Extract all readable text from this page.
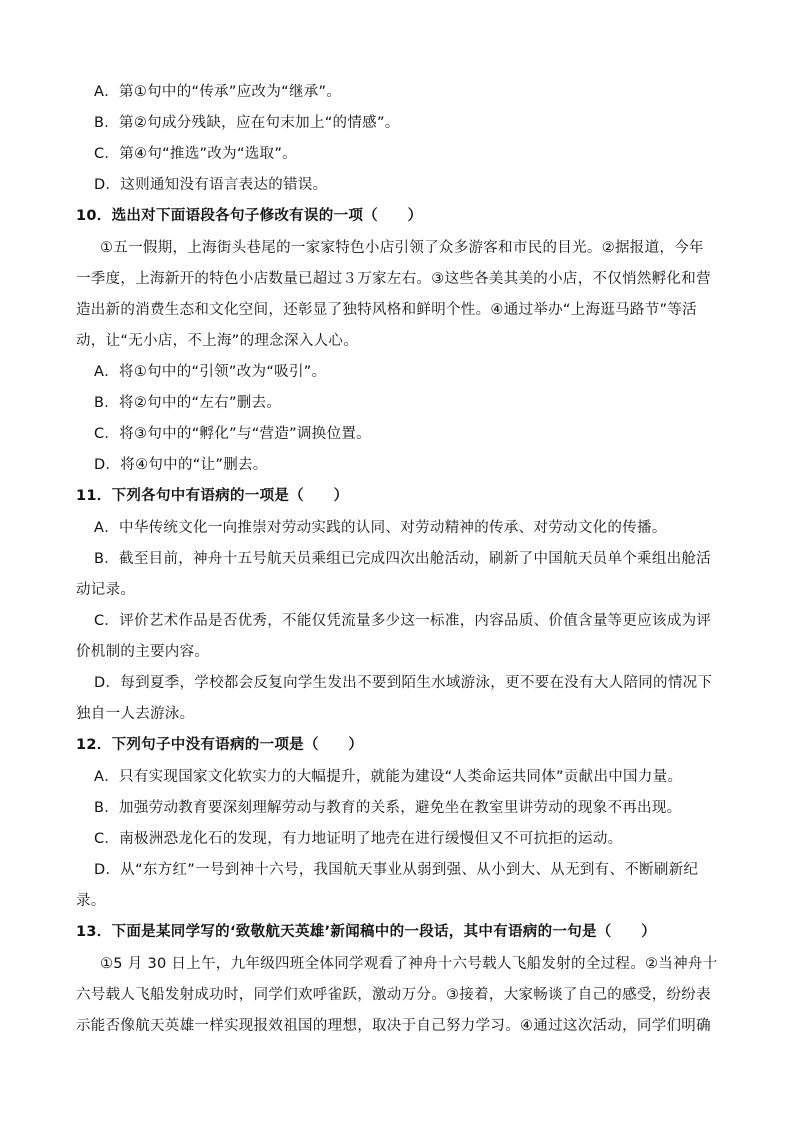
A．第①句中的“传承”应改为“继承”。
B．第②句成分残缺，应在句末加上“的情感”。
C．第④句“推选”改为“选取”。
D．这则通知没有语言表达的错误。
10．选出对下面语段各句子修改有误的一项（　　）
①五一假期，上海街头巷尾的一家家特色小店引领了众多游客和市民的目光。②据报道，今年
一季度，上海新开的特色小店数量已超过３万家左右。③这些各美其美的小店，不仅悄然孵化和营
造出新的消费生态和文化空间，还彰显了独特风格和鲜明个性。④通过举办“上海逛马路节”等活
动，让“无小店，不上海”的理念深入人心。
A．将①句中的“引领”改为“吸引”。
B．将②句中的“左右”删去。
C．将③句中的“孵化”与“营造”调换位置。
D．将④句中的“让”删去。
11．下列各句中有语病的一项是（　　）
A．中华传统文化一向推崇对劳动实践的认同、对劳动精神的传承、对劳动文化的传播。
B．截至目前，神舟十五号航天员乘组已完成四次出舱活动，刷新了中国航天员单个乘组出舱活
动记录。
C．评价艺术作品是否优秀，不能仅凭流量多少这一标准，内容品质、价值含量等更应该成为评
价机制的主要内容。
D．每到夏季，学校都会反复向学生发出不要到陌生水域游泳，更不要在没有大人陪同的情况下
独自一人去游泳。
12．下列句子中没有语病的一项是（　　）
A．只有实现国家文化软实力的大幅提升，就能为建设“人类命运共同体”贡献出中国力量。
B．加强劳动教育要深刻理解劳动与教育的关系，避免坐在教室里讲劳动的现象不再出现。
C．南极洲恐龙化石的发现，有力地证明了地壳在进行缓慢但又不可抗拒的运动。
D．从“东方红”一号到神十六号，我国航天事业从弱到强、从小到大、从无到有、不断刷新纪
录。
13．下面是某同学写的‘致敬航天英雄’新闻稿中的一段话，其中有语病的一句是（　　）
①5 月 30 日上午，九年级四班全体同学观看了神舟十六号载人飞船发射的全过程。②当神舟十
六号载人飞船发射成功时，同学们欢呼雀跃，激动万分。③接着，大家畅谈了自己的感受，纷纷表
示能否像航天英雄一样实现报效祖国的理想，取决于自己努力学习。④通过这次活动，同学们明确
